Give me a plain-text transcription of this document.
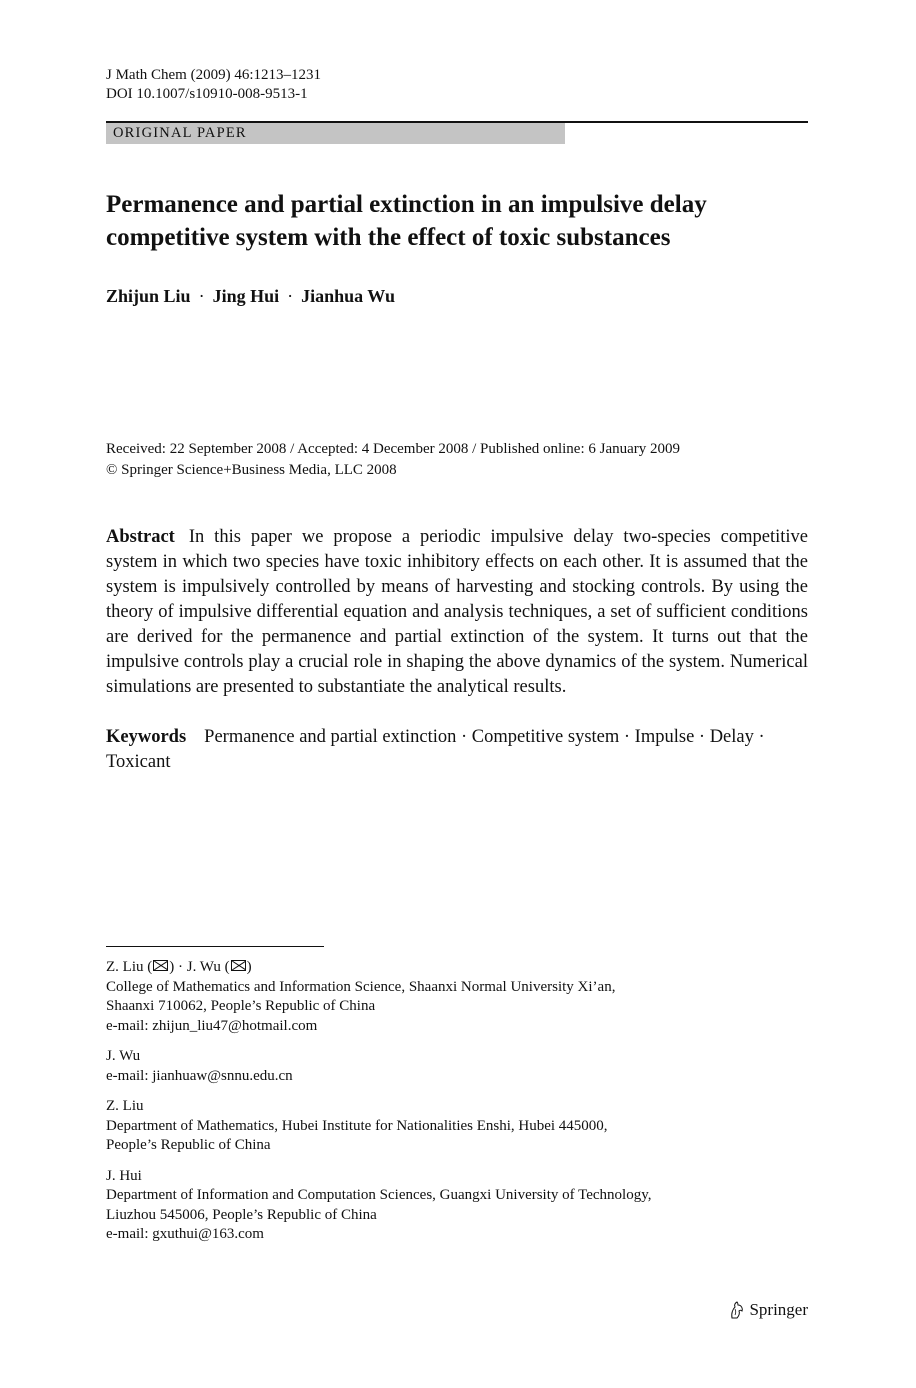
J Math Chem (2009) 46:1213–1231
DOI 10.1007/s10910-008-9513-1
ORIGINAL PAPER
Permanence and partial extinction in an impulsive delay
competitive system with the effect of toxic substances
Zhijun Liu · Jing Hui · Jianhua Wu
Received: 22 September 2008 / Accepted: 4 December 2008 / Published online: 6 January 2009
© Springer Science+Business Media, LLC 2008
Abstract In this paper we propose a periodic impulsive delay two-species competitive system in which two species have toxic inhibitory effects on each other. It is assumed that the system is impulsively controlled by means of harvesting and stocking controls. By using the theory of impulsive differential equation and analysis techniques, a set of sufficient conditions are derived for the permanence and partial extinction of the system. It turns out that the impulsive controls play a crucial role in shaping the above dynamics of the system. Numerical simulations are presented to substantiate the analytical results.
Keywords Permanence and partial extinction · Competitive system · Impulse · Delay · Toxicant
Z. Liu ( ) · J. Wu ( )
College of Mathematics and Information Science, Shaanxi Normal University Xi’an,
Shaanxi 710062, People’s Republic of China
e-mail: zhijun_liu47@hotmail.com
J. Wu
e-mail: jianhuaw@snnu.edu.cn
Z. Liu
Department of Mathematics, Hubei Institute for Nationalities Enshi, Hubei 445000,
People’s Republic of China
J. Hui
Department of Information and Computation Sciences, Guangxi University of Technology,
Liuzhou 545006, People’s Republic of China
e-mail: gxuthui@163.com
Springer
